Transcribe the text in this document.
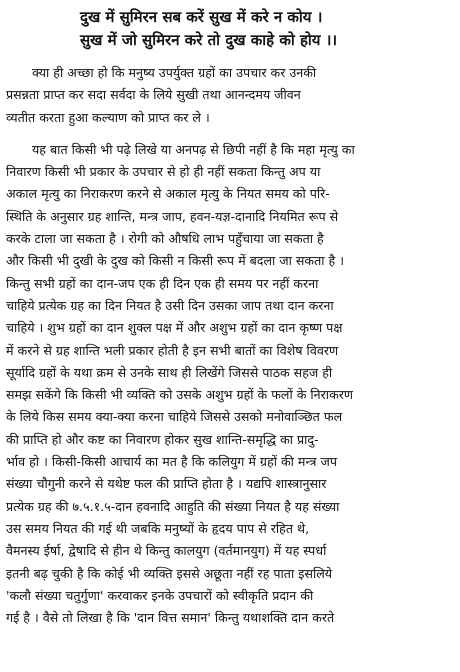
दुख में सुमिरन सब करें सुख में करे न कोय ।
सुख में जो सुमिरन करे तो दुख काहे को होय ।।
क्या ही अच्छा हो कि मनुष्य उपर्युक्त ग्रहों का उपचार कर उनकी
प्रसन्नता प्राप्त कर सदा सर्वदा के लिये सुखी तथा आनन्दमय जीवन
व्यतीत करता हुआ कल्याण को प्राप्त कर ले ।
यह बात किसी भी पढ़े लिखे या अनपढ़ से छिपी नहीं है कि महा मृत्यु का
निवारण किसी भी प्रकार के उपचार से हो ही नहीं सकता किन्तु अप या
अकाल मृत्यु का निराकरण करने से अकाल मृत्यु के नियत समय को परि-
स्थिति के अनुसार ग्रह शान्ति, मन्त्र जाप, हवन-यज्ञ-दानादि नियमित रूप से
करके टाला जा सकता है । रोगी को औषधि लाभ पहुँचाया जा सकता है
और किसी भी दुखी के दुख को किसी न किसी रूप में बदला जा सकता है ।
किन्तु सभी ग्रहों का दान-जप एक ही दिन एक ही समय पर नहीं करना
चाहिये प्रत्येक ग्रह का दिन नियत है उसी दिन उसका जाप तथा दान करना
चाहिये । शुभ ग्रहों का दान शुक्ल पक्ष में और अशुभ ग्रहों का दान कृष्ण पक्ष
में करने से ग्रह शान्ति भली प्रकार होती है इन सभी बातों का विशेष विवरण
सूर्यादि ग्रहों के यथा क्रम से उनके साथ ही लिखेंगे जिससे पाठक सहज ही
समझ सकेंगे कि किसी भी व्यक्ति को उसके अशुभ ग्रहों के फलों के निराकरण
के लिये किस समय क्या-क्या करना चाहिये जिससे उसको मनोवाञ्छित फल
की प्राप्ति हो और कष्ट का निवारण होकर सुख शान्ति-समृद्धि का प्रादु-
र्भाव हो । किसी-किसी आचार्य का मत है कि कलियुग में ग्रहों की मन्त्र जप
संख्या चौगुनी करने से यथेष्ट फल की प्राप्ति होता है । यद्यपि शास्त्रानुसार
प्रत्येक ग्रह की ७.५.१.५-दान हवनादि आहुति की संख्या नियत है यह संख्या
उस समय नियत की गई थी जबकि मनुष्यों के हृदय पाप से रहित थे,
वैमनस्य ईर्षा, द्वेषादि से हीन थे किन्तु कालयुग (वर्तमानयुग) में यह स्पर्धा
इतनी बढ़ चुकी है कि कोई भी व्यक्ति इससे अछूता नहीं रह पाता इसलिये
'कलौ संख्या चतुर्गुणा' करवाकर इनके उपचारों को स्वीकृति प्रदान की
गई है । वैसे तो लिखा है कि 'दान वित्त समान' किन्तु यथाशक्ति दान करते
